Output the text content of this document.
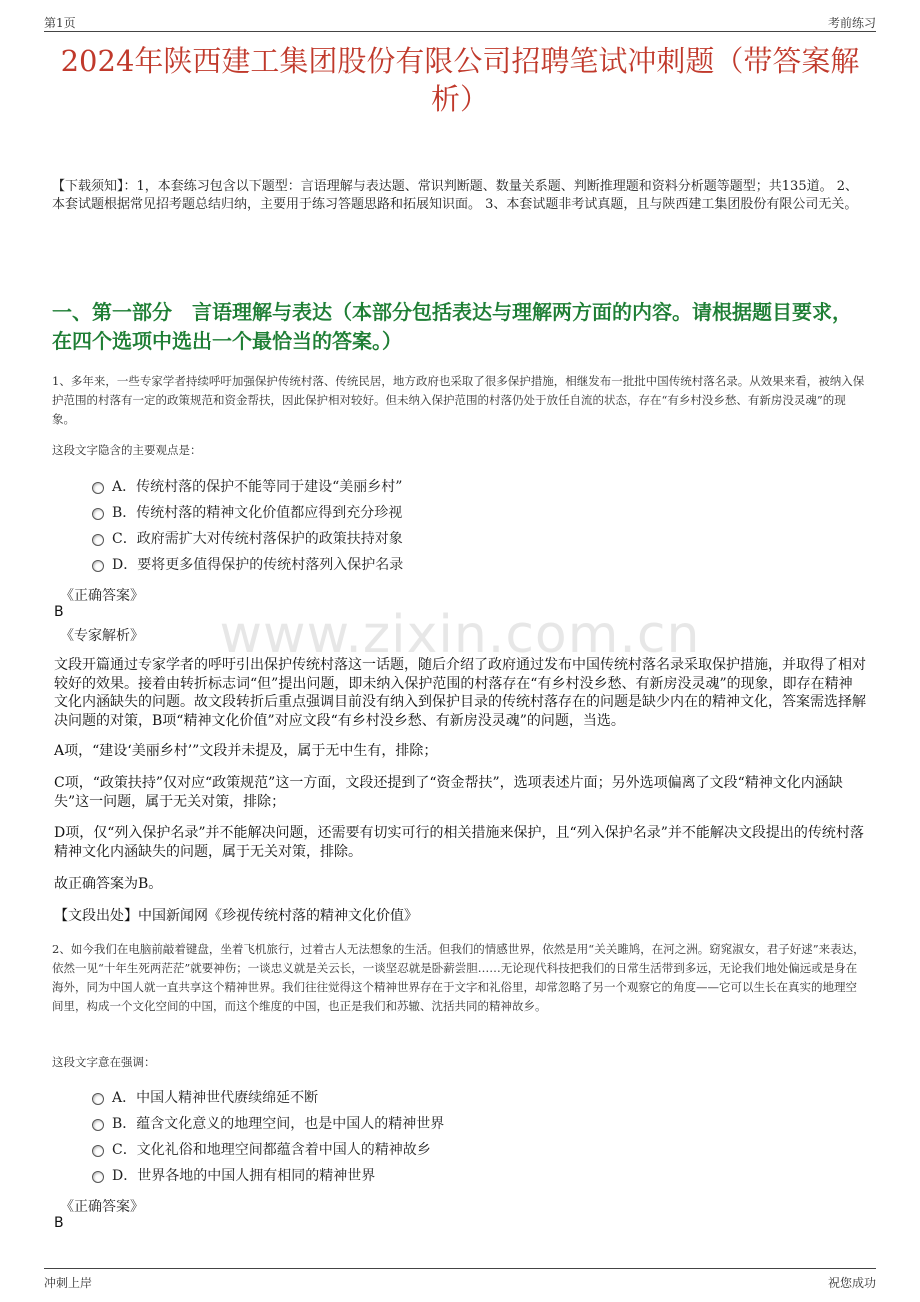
第1页	考前练习
2024年陕西建工集团股份有限公司招聘笔试冲刺题（带答案解析）

【下载须知】：1，本套练习包含以下题型：言语理解与表达题、常识判断题、数量关系题、判断推理题和资料分析题等题型；共135道。 2、本套试题根据常见招考题总结归纳，主要用于练习答题思路和拓展知识面。 3、本套试题非考试真题，且与陕西建工集团股份有限公司无关。

一、第一部分　言语理解与表达（本部分包括表达与理解两方面的内容。请根据题目要求，在四个选项中选出一个最恰当的答案。）
www.zixin.com.cn

1、多年来，一些专家学者持续呼吁加强保护传统村落、传统民居，地方政府也采取了很多保护措施，相继发布一批批中国传统村落名录。从效果来看，被纳入保护范围的村落有一定的政策规范和资金帮扶，因此保护相对较好。但未纳入保护范围的村落仍处于放任自流的状态，存在“有乡村没乡愁、有新房没灵魂”的现象。

这段文字隐含的主要观点是：
A．传统村落的保护不能等同于建设“美丽乡村”
B．传统村落的精神文化价值都应得到充分珍视
C．政府需扩大对传统村落保护的政策扶持对象
D．要将更多值得保护的传统村落列入保护名录
《正确答案》
B
《专家解析》

文段开篇通过专家学者的呼吁引出保护传统村落这一话题，随后介绍了政府通过发布中国传统村落名录采取保护措施，并取得了相对较好的效果。接着由转折标志词“但”提出问题，即未纳入保护范围的村落存在“有乡村没乡愁、有新房没灵魂”的现象，即存在精神文化内涵缺失的问题。故文段转折后重点强调目前没有纳入到保护目录的传统村落存在的问题是缺少内在的精神文化，答案需选择解决问题的对策，B项“精神文化价值”对应文段“有乡村没乡愁、有新房没灵魂”的问题，当选。

A项，“建设‘美丽乡村’”文段并未提及，属于无中生有，排除；

C项，“政策扶持”仅对应“政策规范”这一方面，文段还提到了“资金帮扶”，选项表述片面；另外选项偏离了文段“精神文化内涵缺失”这一问题，属于无关对策，排除；

D项，仅“列入保护名录”并不能解决问题，还需要有切实可行的相关措施来保护，且“列入保护名录”并不能解决文段提出的传统村落精神文化内涵缺失的问题，属于无关对策，排除。

故正确答案为B。

【文段出处】中国新闻网《珍视传统村落的精神文化价值》

2、如今我们在电脑前敲着键盘，坐着飞机旅行，过着古人无法想象的生活。但我们的情感世界，依然是用“关关雎鸠，在河之洲。窈窕淑女，君子好逑”来表达，依然一见“十年生死两茫茫”就要神伤；一谈忠义就是关云长，一谈坚忍就是卧薪尝胆……无论现代科技把我们的日常生活带到多远，无论我们地处偏远或是身在海外，同为中国人就一直共享这个精神世界。我们往往觉得这个精神世界存在于文字和礼俗里，却常忽略了另一个观察它的角度——它可以生长在真实的地理空间里，构成一个文化空间的中国，而这个维度的中国，也正是我们和苏辙、沈括共同的精神故乡。

这段文字意在强调：
A．中国人精神世代赓续绵延不断
B．蕴含文化意义的地理空间，也是中国人的精神世界
C．文化礼俗和地理空间都蕴含着中国人的精神故乡
D．世界各地的中国人拥有相同的精神世界
《正确答案》
B
冲刺上岸	祝您成功
